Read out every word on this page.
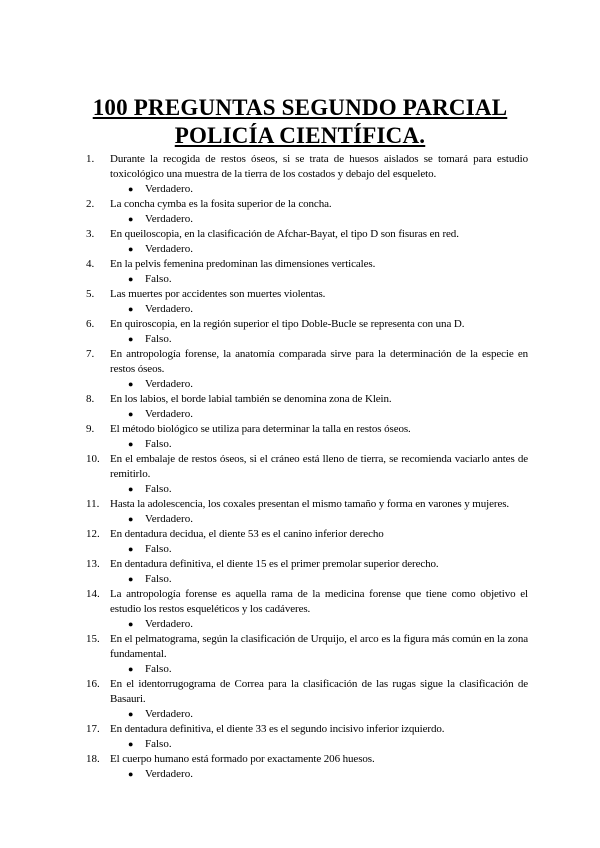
100 PREGUNTAS SEGUNDO PARCIAL
POLICÍA CIENTÍFICA.
1.	Durante la recogida de restos óseos, si se trata de huesos aislados se tomará para estudio toxicológico una muestra de la tierra de los costados y debajo del esqueleto.
● Verdadero.
2.	La concha cymba es la fosita superior de la concha.
● Verdadero.
3.	En queiloscopia, en la clasificación de Afchar-Bayat, el tipo D son fisuras en red.
● Verdadero.
4.	En la pelvis femenina predominan las dimensiones verticales.
● Falso.
5.	Las muertes por accidentes son muertes violentas.
● Verdadero.
6.	En quiroscopia, en la región superior el tipo Doble-Bucle se representa con una D.
● Falso.
7.	En antropología forense, la anatomía comparada sirve para la determinación de la especie en restos óseos.
● Verdadero.
8.	En los labios, el borde labial también se denomina zona de Klein.
● Verdadero.
9.	El método biológico se utiliza para determinar la talla en restos óseos.
● Falso.
10. En el embalaje de restos óseos, si el cráneo está lleno de tierra, se recomienda vaciarlo antes de remitirlo.
● Falso.
11. Hasta la adolescencia, los coxales presentan el mismo tamaño y forma en varones y mujeres.
● Verdadero.
12. En dentadura decidua, el diente 53 es el canino inferior derecho
● Falso.
13. En dentadura definitiva, el diente 15 es el primer premolar superior derecho.
● Falso.
14. La antropología forense es aquella rama de la medicina forense que tiene como objetivo el estudio los restos esqueléticos y los cadáveres.
● Verdadero.
15. En el pelmatograma, según la clasificación de Urquijo, el arco es la figura más común en la zona fundamental.
● Falso.
16. En el identorrugograma de Correa para la clasificación de las rugas sigue la clasificación de Basauri.
● Verdadero.
17. En dentadura definitiva, el diente 33 es el segundo incisivo inferior izquierdo.
● Falso.
18. El cuerpo humano está formado por exactamente 206 huesos.
● Verdadero.
